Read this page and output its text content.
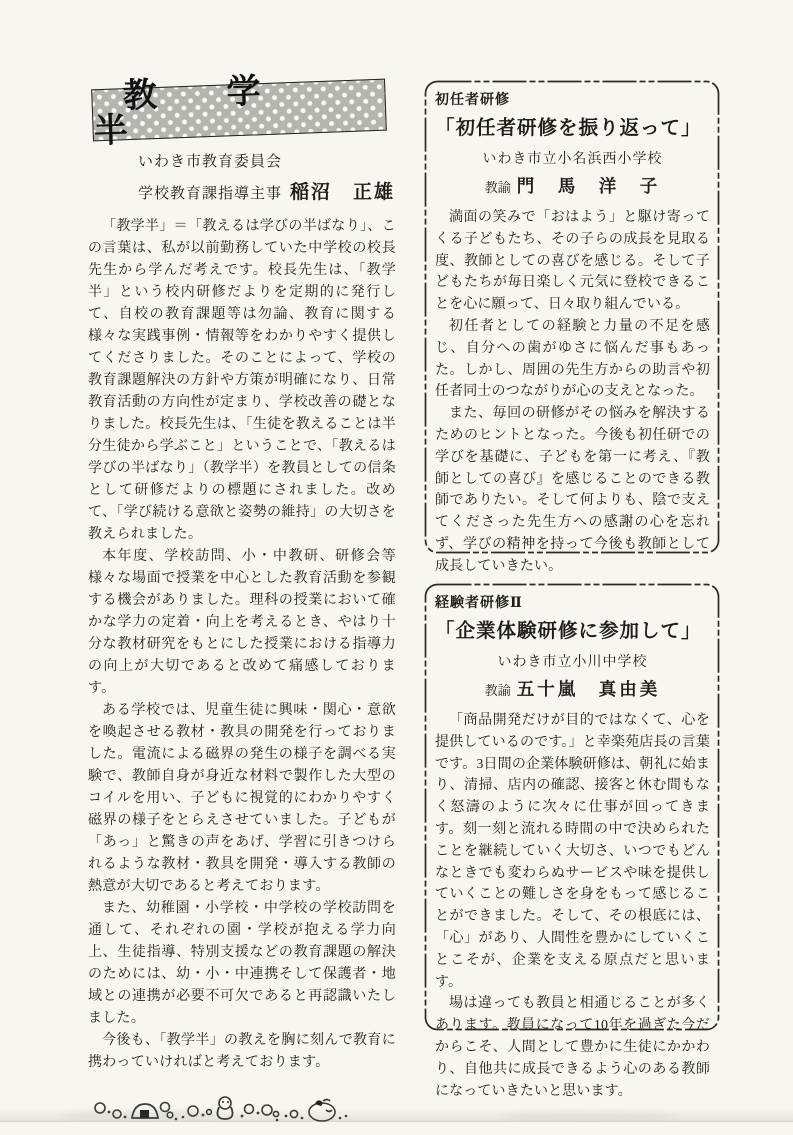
教 学 半
いわき市教育委員会
学校教育課指導主事 稲沼　正雄

「教学半」＝「教えるは学びの半ばなり」、この言葉は、私が以前勤務していた中学校の校長先生から学んだ考えです。校長先生は、「教学半」という校内研修だよりを定期的に発行して、自校の教育課題等は勿論、教育に関する様々な実践事例・情報等をわかりやすく提供してくださりました。そのことによって、学校の教育課題解決の方針や方策が明確になり、日常教育活動の方向性が定まり、学校改善の礎となりました。校長先生は、「生徒を教えることは半分生徒から学ぶこと」ということで、「教えるは学びの半ばなり」（教学半）を教員としての信条として研修だよりの標題にされました。改めて、「学び続ける意欲と姿勢の維持」の大切さを教えられました。

本年度、学校訪問、小・中教研、研修会等様々な場面で授業を中心とした教育活動を参観する機会がありました。理科の授業において確かな学力の定着・向上を考えるとき、やはり十分な教材研究をもとにした授業における指導力の向上が大切であると改めて痛感しております。

ある学校では、児童生徒に興味・関心・意欲を喚起させる教材・教具の開発を行っておりました。電流による磁界の発生の様子を調べる実験で、教師自身が身近な材料で製作した大型のコイルを用い、子どもに視覚的にわかりやすく磁界の様子をとらえさせていました。子どもが「あっ」と驚きの声をあげ、学習に引きつけられるような教材・教具を開発・導入する教師の熱意が大切であると考えております。

また、幼稚園・小学校・中学校の学校訪問を通して、それぞれの園・学校が抱える学力向上、生徒指導、特別支援などの教育課題の解決のためには、幼・小・中連携そして保護者・地域との連携が必要不可欠であると再認識いたしました。

今後も、「教学半」の教えを胸に刻んで教育に携わっていければと考えております。

初任者研修
「初任者研修を振り返って」
いわき市立小名浜西小学校
教諭 門　馬　洋　子

満面の笑みで「おはよう」と駆け寄ってくる子どもたち、その子らの成長を見取る度、教師としての喜びを感じる。そして子どもたちが毎日楽しく元気に登校できることを心に願って、日々取り組んでいる。

初任者としての経験と力量の不足を感じ、自分への歯がゆさに悩んだ事もあった。しかし、周囲の先生方からの助言や初任者同士のつながりが心の支えとなった。

また、毎回の研修がその悩みを解決するためのヒントとなった。今後も初任研での学びを基礎に、子どもを第一に考え、『教師としての喜び』を感じることのできる教師でありたい。そして何よりも、陰で支えてくださった先生方への感謝の心を忘れず、学びの精神を持って今後も教師として成長していきたい。

経験者研修Ⅱ
「企業体験研修に参加して」
いわき市立小川中学校
教諭 五十嵐　真由美

「商品開発だけが目的ではなくて、心を提供しているのです。」と幸楽苑店長の言葉です。3日間の企業体験研修は、朝礼に始まり、清掃、店内の確認、接客と休む間もなく怒濤のように次々に仕事が回ってきます。刻一刻と流れる時間の中で決められたことを継続していく大切さ、いつでもどんなときでも変わらぬサービスや味を提供していくことの難しさを身をもって感じることができました。そして、その根底には、「心」があり、人間性を豊かにしていくことこそが、企業を支える原点だと思います。

場は違っても教員と相通じることが多くあります。教員になって10年を過ぎた今だからこそ、人間として豊かに生徒にかかわり、自他共に成長できるよう心のある教師になっていきたいと思います。
